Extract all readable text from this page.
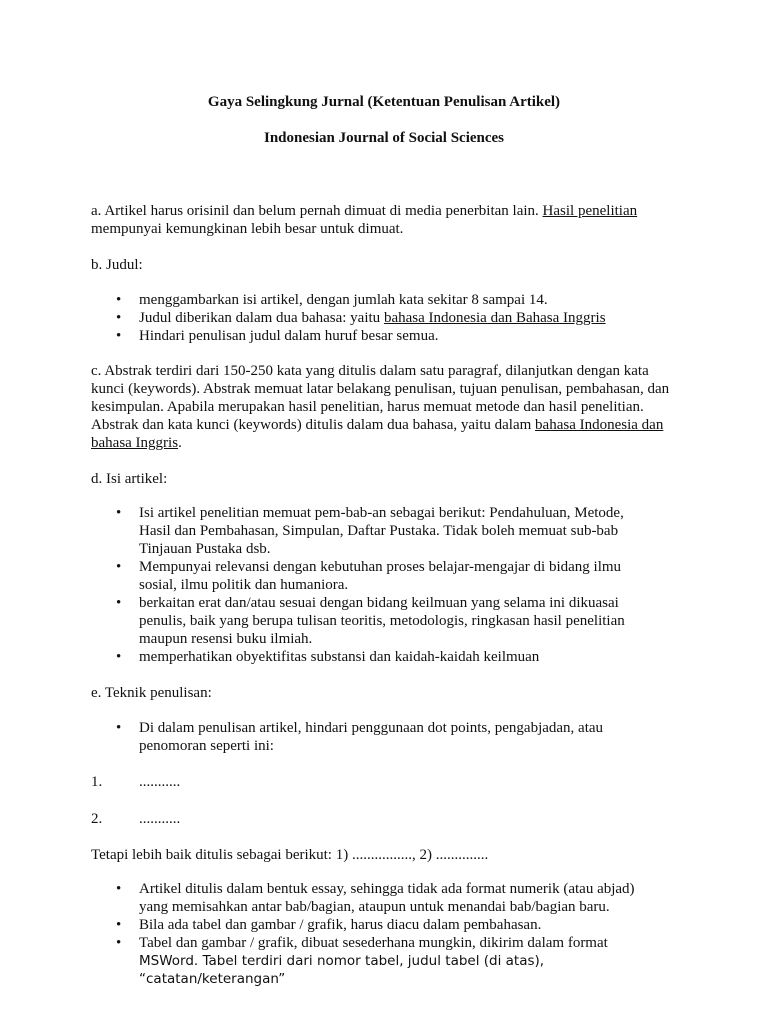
Gaya Selingkung Jurnal (Ketentuan Penulisan Artikel)
Indonesian Journal of Social Sciences
a. Artikel harus orisinil dan belum pernah dimuat di media penerbitan lain. Hasil penelitian mempunyai kemungkinan lebih besar untuk dimuat.
b. Judul:
• menggambarkan isi artikel, dengan jumlah kata sekitar 8 sampai 14.
• Judul diberikan dalam dua bahasa: yaitu bahasa Indonesia dan Bahasa Inggris
• Hindari penulisan judul dalam huruf besar semua.
c. Abstrak terdiri dari 150-250 kata yang ditulis dalam satu paragraf, dilanjutkan dengan kata kunci (keywords). Abstrak memuat latar belakang penulisan, tujuan penulisan, pembahasan, dan kesimpulan. Apabila merupakan hasil penelitian, harus memuat metode dan hasil penelitian. Abstrak dan kata kunci (keywords) ditulis dalam dua bahasa, yaitu dalam bahasa Indonesia dan bahasa Inggris.
d. Isi artikel:
• Isi artikel penelitian memuat pem-bab-an sebagai berikut: Pendahuluan, Metode, Hasil dan Pembahasan, Simpulan, Daftar Pustaka. Tidak boleh memuat sub-bab Tinjauan Pustaka dsb.
• Mempunyai relevansi dengan kebutuhan proses belajar-mengajar di bidang ilmu sosial, ilmu politik dan humaniora.
• berkaitan erat dan/atau sesuai dengan bidang keilmuan yang selama ini dikuasai penulis, baik yang berupa tulisan teoritis, metodologis, ringkasan hasil penelitian maupun resensi buku ilmiah.
• memperhatikan obyektifitas substansi dan kaidah-kaidah keilmuan
e. Teknik penulisan:
• Di dalam penulisan artikel, hindari penggunaan dot points, pengabjadan, atau penomoran seperti ini:
1. ...........
2. ...........
Tetapi lebih baik ditulis sebagai berikut: 1) ................, 2) ..............
• Artikel ditulis dalam bentuk essay, sehingga tidak ada format numerik (atau abjad) yang memisahkan antar bab/bagian, ataupun untuk menandai bab/bagian baru.
• Bila ada tabel dan gambar / grafik, harus diacu dalam pembahasan.
• Tabel dan gambar / grafik, dibuat sesederhana mungkin, dikirim dalam format
MSWord. Tabel terdiri dari nomor tabel, judul tabel (di atas), “catatan/keterangan”
